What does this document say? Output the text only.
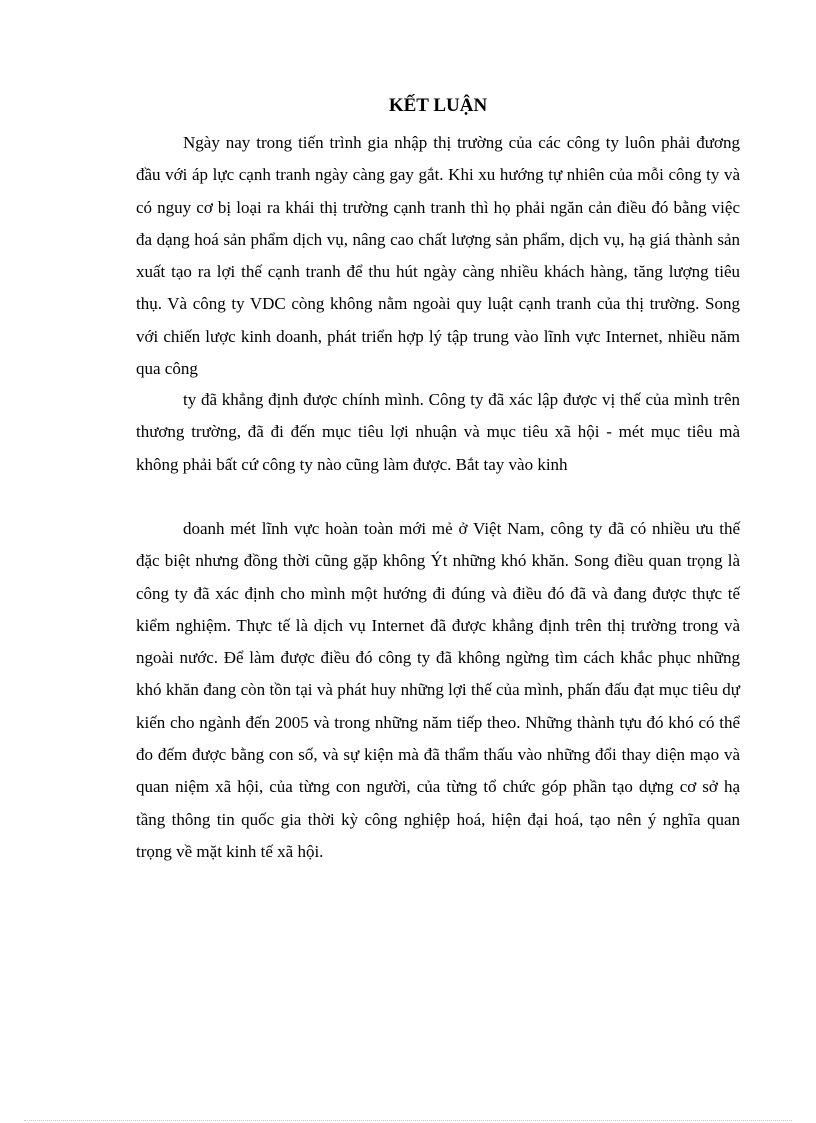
KẾT LUẬN

Ngày nay trong tiến trình gia nhập thị trường của các công ty luôn phải đương đầu với áp lực cạnh tranh ngày càng gay gắt. Khi xu hướng tự nhiên của mỗi công ty và có nguy cơ bị loại ra khái thị trường cạnh tranh thì họ phải ngăn cản điều đó bằng việc đa dạng hoá sản phẩm dịch vụ, nâng cao chất lượng sản phẩm, dịch vụ, hạ giá thành sản xuất tạo ra lợi thế cạnh tranh để thu hút ngày càng nhiều khách hàng, tăng lượng tiêu thụ. Và công ty VDC còng không nằm ngoài quy luật cạnh tranh của thị trường. Song với chiến lược kinh doanh, phát triển hợp lý tập trung vào lĩnh vực Internet, nhiều năm qua công

ty đã khẳng định được chính mình. Công ty đã xác lập được vị thế của mình trên thương trường, đã đi đến mục tiêu lợi nhuận và mục tiêu xã hội - mét mục tiêu mà không phải bất cứ công ty nào cũng làm được. Bắt tay vào kinh

doanh mét lĩnh vực hoàn toàn mới mẻ ở Việt Nam, công ty đã có nhiều ưu thế đặc biệt nhưng đồng thời cũng gặp không Ýt những khó khăn. Song điều quan trọng là công ty đã xác định cho mình một hướng đi đúng và điều đó đã và đang được thực tế kiểm nghiệm. Thực tế là dịch vụ Internet đã được khẳng định trên thị trường trong và ngoài nước. Để làm được điều đó công ty đã không ngừng tìm cách khắc phục những khó khăn đang còn tồn tại và phát huy những lợi thế của mình, phấn đấu đạt mục tiêu dự kiến cho ngành đến 2005 và trong những năm tiếp theo. Những thành tựu đó khó có thể đo đếm được bằng con số, và sự kiện mà đã thẩm thấu vào những đổi thay diện mạo và quan niệm xã hội, của từng con người, của từng tổ chức góp phần tạo dựng cơ sở hạ tầng thông tin quốc gia thời kỳ công nghiệp hoá, hiện đại hoá, tạo nên ý nghĩa quan trọng về mặt kinh tế xã hội.
